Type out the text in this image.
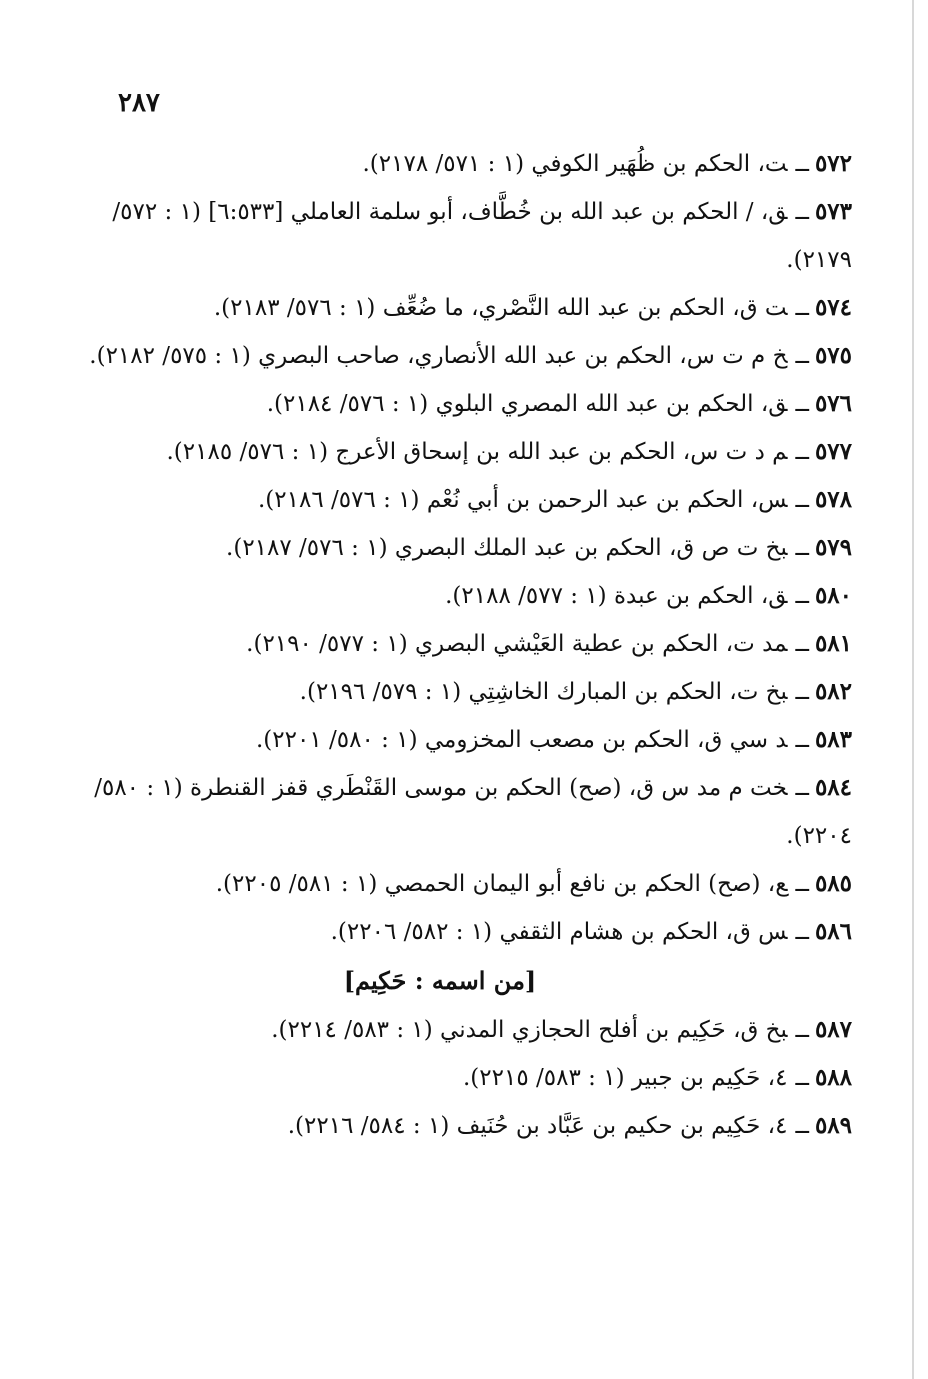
٢٨٧
٥٧٢ــت، الحكم بن ظُهَير الكوفي (١ : ٥٧١/ ٢١٧٨).
٥٧٣ــق، / الحكم بن عبد الله بن خُطَّاف، أبو سلمة العاملي [٦:٥٣٣] (١ : ٥٧٢/ ٢١٧٩).
٥٧٤ــت ق، الحكم بن عبد الله النَّصْري، ما ضُعِّف (١ : ٥٧٦/ ٢١٨٣).
٥٧٥ــخ م ت س، الحكم بن عبد الله الأنصاري، صاحب البصري (١ : ٥٧٥/ ٢١٨٢).
٥٧٦ــق، الحكم بن عبد الله المصري البلوي (١ : ٥٧٦/ ٢١٨٤).
٥٧٧ــم د ت س، الحكم بن عبد الله بن إسحاق الأعرج (١ : ٥٧٦/ ٢١٨٥).
٥٧٨ــس، الحكم بن عبد الرحمن بن أبي نُعْم (١ : ٥٧٦/ ٢١٨٦).
٥٧٩ــبخ ت ص ق، الحكم بن عبد الملك البصري (١ : ٥٧٦/ ٢١٨٧).
٥٨٠ــق، الحكم بن عبدة (١ : ٥٧٧/ ٢١٨٨).
٥٨١ــمد ت، الحكم بن عطية العَيْشي البصري (١ : ٥٧٧/ ٢١٩٠).
٥٨٢ــبخ ت، الحكم بن المبارك الخاشِتِي (١ : ٥٧٩/ ٢١٩٦).
٥٨٣ــد سي ق، الحكم بن مصعب المخزومي (١ : ٥٨٠/ ٢٢٠١).
٥٨٤ــخت م مد س ق، (صح) الحكم بن موسى القَنْطَري قفز القنطرة (١ : ٥٨٠/ ٢٢٠٤).
٥٨٥ــع، (صح) الحكم بن نافع أبو اليمان الحمصي (١ : ٥٨١/ ٢٢٠٥).
٥٨٦ــس ق، الحكم بن هشام الثقفي (١ : ٥٨٢/ ٢٢٠٦).
[من اسمه : حَكِيم]
٥٨٧ــبخ ق، حَكِيم بن أفلح الحجازي المدني (١ : ٥٨٣/ ٢٢١٤).
٥٨٨ــ٤، حَكِيم بن جبير (١ : ٥٨٣/ ٢٢١٥).
٥٨٩ــ٤، حَكِيم بن حكيم بن عَبَّاد بن حُنَيف (١ : ٥٨٤/ ٢٢١٦).
